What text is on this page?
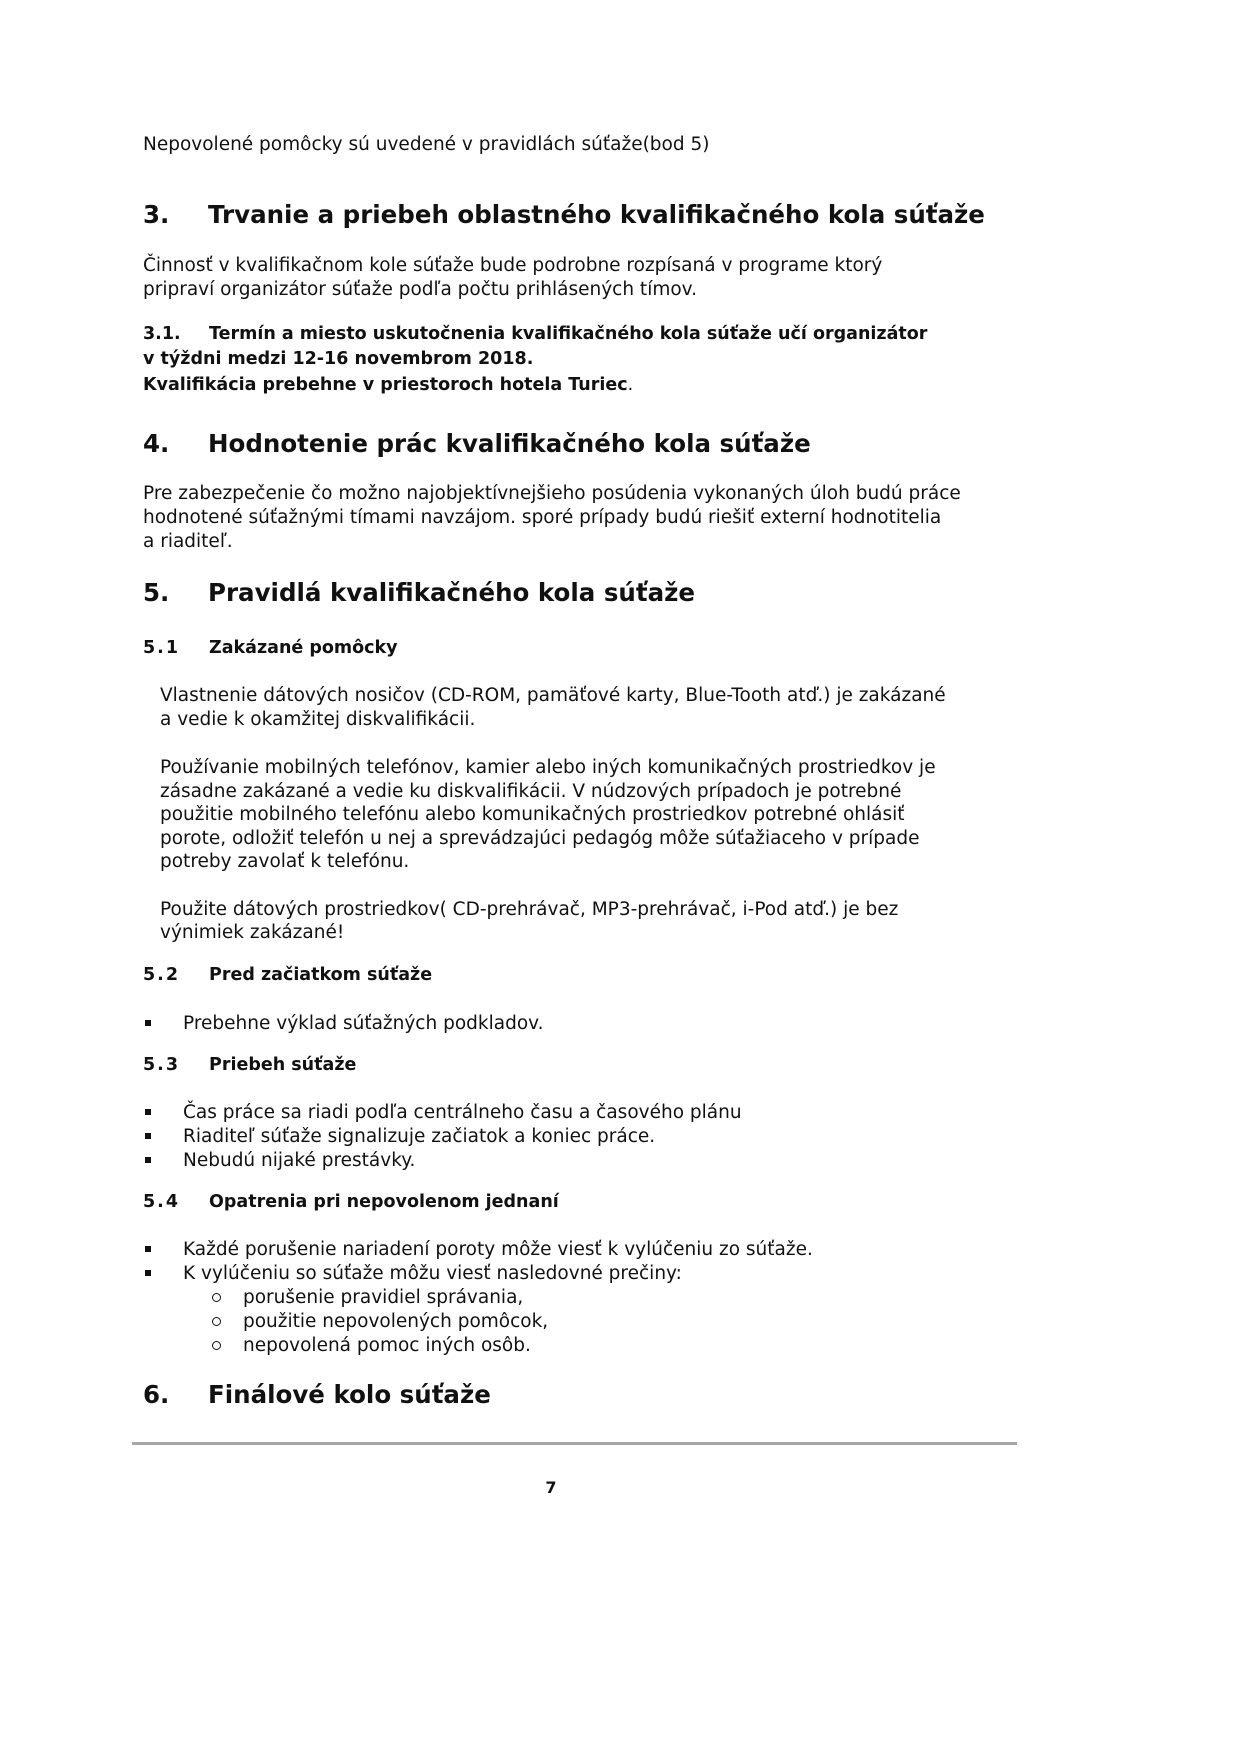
Nepovolené pomôcky sú uvedené v pravidlách súťaže(bod 5)
3. Trvanie a priebeh oblastného kvalifikačného kola súťaže
Činnosť v kvalifikačnom kole súťaže bude podrobne rozpísaná v programe ktorý
pripraví organizátor súťaže podľa počtu prihlásených tímov.
3.1. Termín a miesto uskutočnenia kvalifikačného kola súťaže učí organizátor
v týždni medzi 12-16 novembrom 2018.
Kvalifikácia prebehne v priestoroch hotela Turiec.
4. Hodnotenie prác kvalifikačného kola súťaže
Pre zabezpečenie čo možno najobjektívnejšieho posúdenia vykonaných úloh budú práce
hodnotené súťažnými tímami navzájom. sporé prípady budú riešiť externí hodnotitelia
a riaditeľ.
5. Pravidlá kvalifikačného kola súťaže
5.1 Zakázané pomôcky
Vlastnenie dátových nosičov (CD-ROM, pamäťové karty, Blue-Tooth atď.) je zakázané
a vedie k okamžitej diskvalifikácii.
Používanie mobilných telefónov, kamier alebo iných komunikačných prostriedkov je
zásadne zakázané a vedie ku diskvalifikácii. V núdzových prípadoch je potrebné
použitie mobilného telefónu alebo komunikačných prostriedkov potrebné ohlásiť
porote, odložiť telefón u nej a sprevádzajúci pedagóg môže súťažiaceho v prípade
potreby zavolať k telefónu.
Použite dátových prostriedkov( CD-prehrávač, MP3-prehrávač, i-Pod atď.) je bez
výnimiek zakázané!
5.2 Pred začiatkom súťaže
Prebehne výklad súťažných podkladov.
5.3 Priebeh súťaže
Čas práce sa riadi podľa centrálneho času a časového plánu
Riaditeľ súťaže signalizuje začiatok a koniec práce.
Nebudú nijaké prestávky.
5.4 Opatrenia pri nepovolenom jednaní
Každé porušenie nariadení poroty môže viesť k vylúčeniu zo súťaže.
K vylúčeniu so súťaže môžu viesť nasledovné prečiny:
porušenie pravidiel správania,
použitie nepovolených pomôcok,
nepovolená pomoc iných osôb.
6. Finálové kolo súťaže
7
